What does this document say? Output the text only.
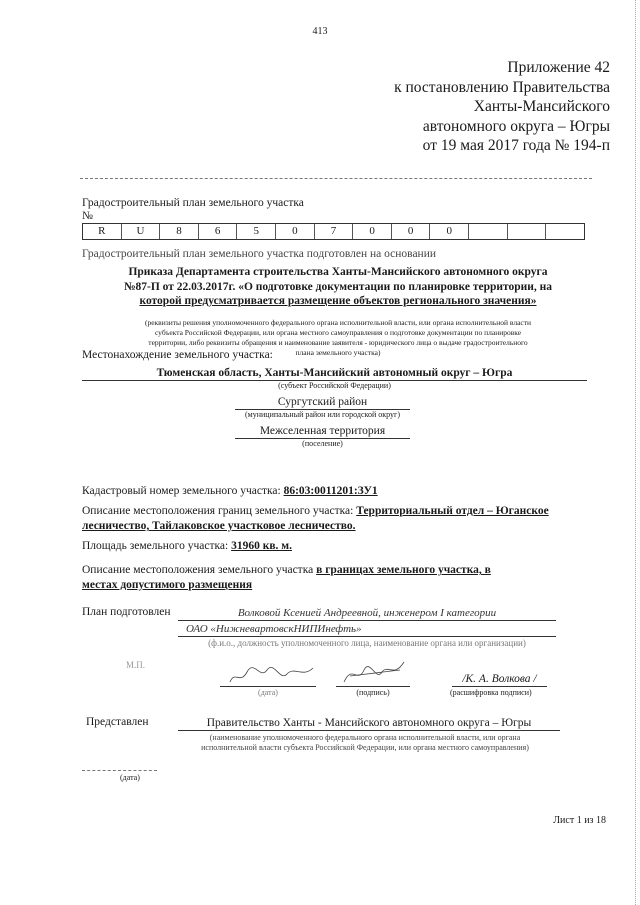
413
Приложение 42
к постановлению Правительства
Ханты-Мансийского
автономного округа – Югры
от 19 мая 2017 года № 194-п
Градостроительный план земельного участка
№
R	U	8	6	5	0	7	0	0	0
Градостроительный план земельного участка подготовлен на основании
Приказа Департамента строительства Ханты-Мансийского автономного округа
№87-П от 22.03.2017г. «О подготовке документации по планировке территории, на
которой предусматривается размещение объектов регионального значения»
(реквизиты решения уполномоченного федерального органа исполнительной власти, или органа исполнительной власти
субъекта Российской Федерации, или органа местного самоуправления о подготовке документации по планировке
территории, либо реквизиты обращения и наименование заявителя - юридического лица о выдаче градостроительного
плана земельного участка)
Местонахождение земельного участка:
Тюменская область, Ханты-Мансийский автономный округ – Югра
(субъект Российской Федерации)
Сургутский район
(муниципальный район или городской округ)
Межселенная территория
(поселение)
Кадастровый номер земельного участка: 86:03:0011201:ЗУ1
Описание местоположения границ земельного участка: Территориальный отдел – Юганское
лесничество, Тайлаковское участковое лесничество.
Площадь земельного участка: 31960 кв. м.
Описание местоположения земельного участка в границах земельного участка, в
местах допустимого размещения
План подготовлен	Волковой Ксенией Андреевной, инженером I категории
ОАО «НижневартовскНИПИнефть»
(ф.и.о., должность уполномоченного лица, наименование органа или организации)
М.П.
(дата)	(подпись)
/К. А. Волкова /
(расшифровка подписи)
Представлен	Правительство Ханты - Мансийского автономного округа – Югры
(наименование уполномоченного федерального органа исполнительной власти, или органа
исполнительной власти субъекта Российской Федерации, или органа местного самоуправления)
(дата)
Лист 1 из 18
